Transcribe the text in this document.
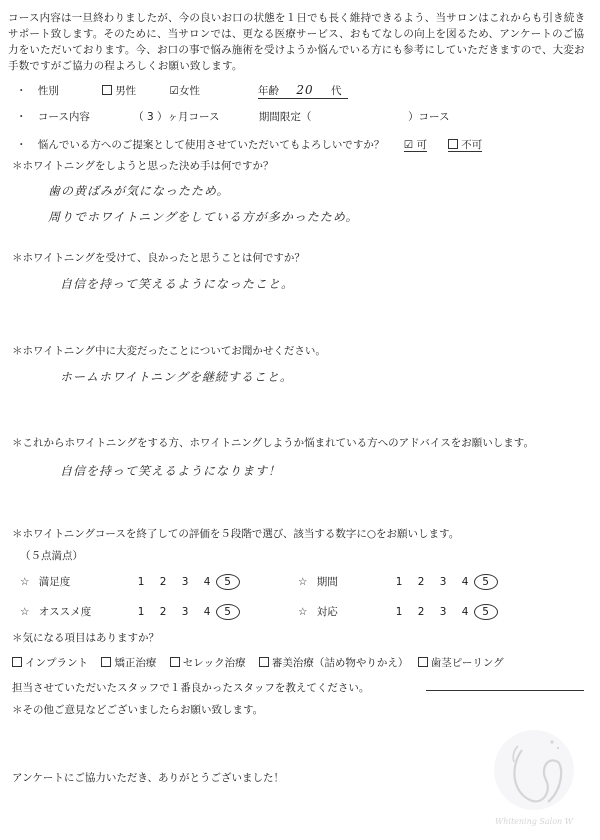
コース内容は一旦終わりましたが、今の良いお口の状態を１日でも長く維持できるよう、当サロンはこれからも引き続きサポート致します。そのために、当サロンでは、更なる医療サービス、おもてなしの向上を図るため、アンケートのご協力をいただいております。今、お口の事で悩み施術を受けようか悩んでいる方にも参考にしていただきますので、大変お手数ですがご協力の程よろしくお願い致します。
・ 性別	男性	☑女性	年齢 20 代
・ コース内容	（ 3 ）ヶ月コース	期間限定（	）コース
・ 悩んでいる方へのご提案として使用させていただいてもよろしいですか？ ☑ 可	不可
＊ホワイトニングをしようと思った決め手は何ですか？
歯の黄ばみが気になったため。
周りでホワイトニングをしている方が多かったため。
＊ホワイトニングを受けて、良かったと思うことは何ですか？
自信を持って笑えるようになったこと。
＊ホワイトニング中に大変だったことについてお聞かせください。
ホームホワイトニングを継続すること。
＊これからホワイトニングをする方、ホワイトニングしようか悩まれている方へのアドバイスをお願いします。
自信を持って笑えるようになります！
＊ホワイトニングコースを終了しての評価を５段階で選び、該当する数字に○をお願いします。
（５点満点）
☆ 満足度	1 2 3 4 5	☆ 期間	1 2 3 4 5
☆ オススメ度	1 2 3 4 5	☆ 対応	1 2 3 4 5
＊気になる項目はありますか？
インプラント	矯正治療	セレック治療	審美治療（詰め物やりかえ） 歯茎ピーリング
担当させていただいたスタッフで１番良かったスタッフを教えてください。
＊その他ご意見などございましたらお願い致します。
Whitening Salon W
アンケートにご協力いただき、ありがとうございました！
